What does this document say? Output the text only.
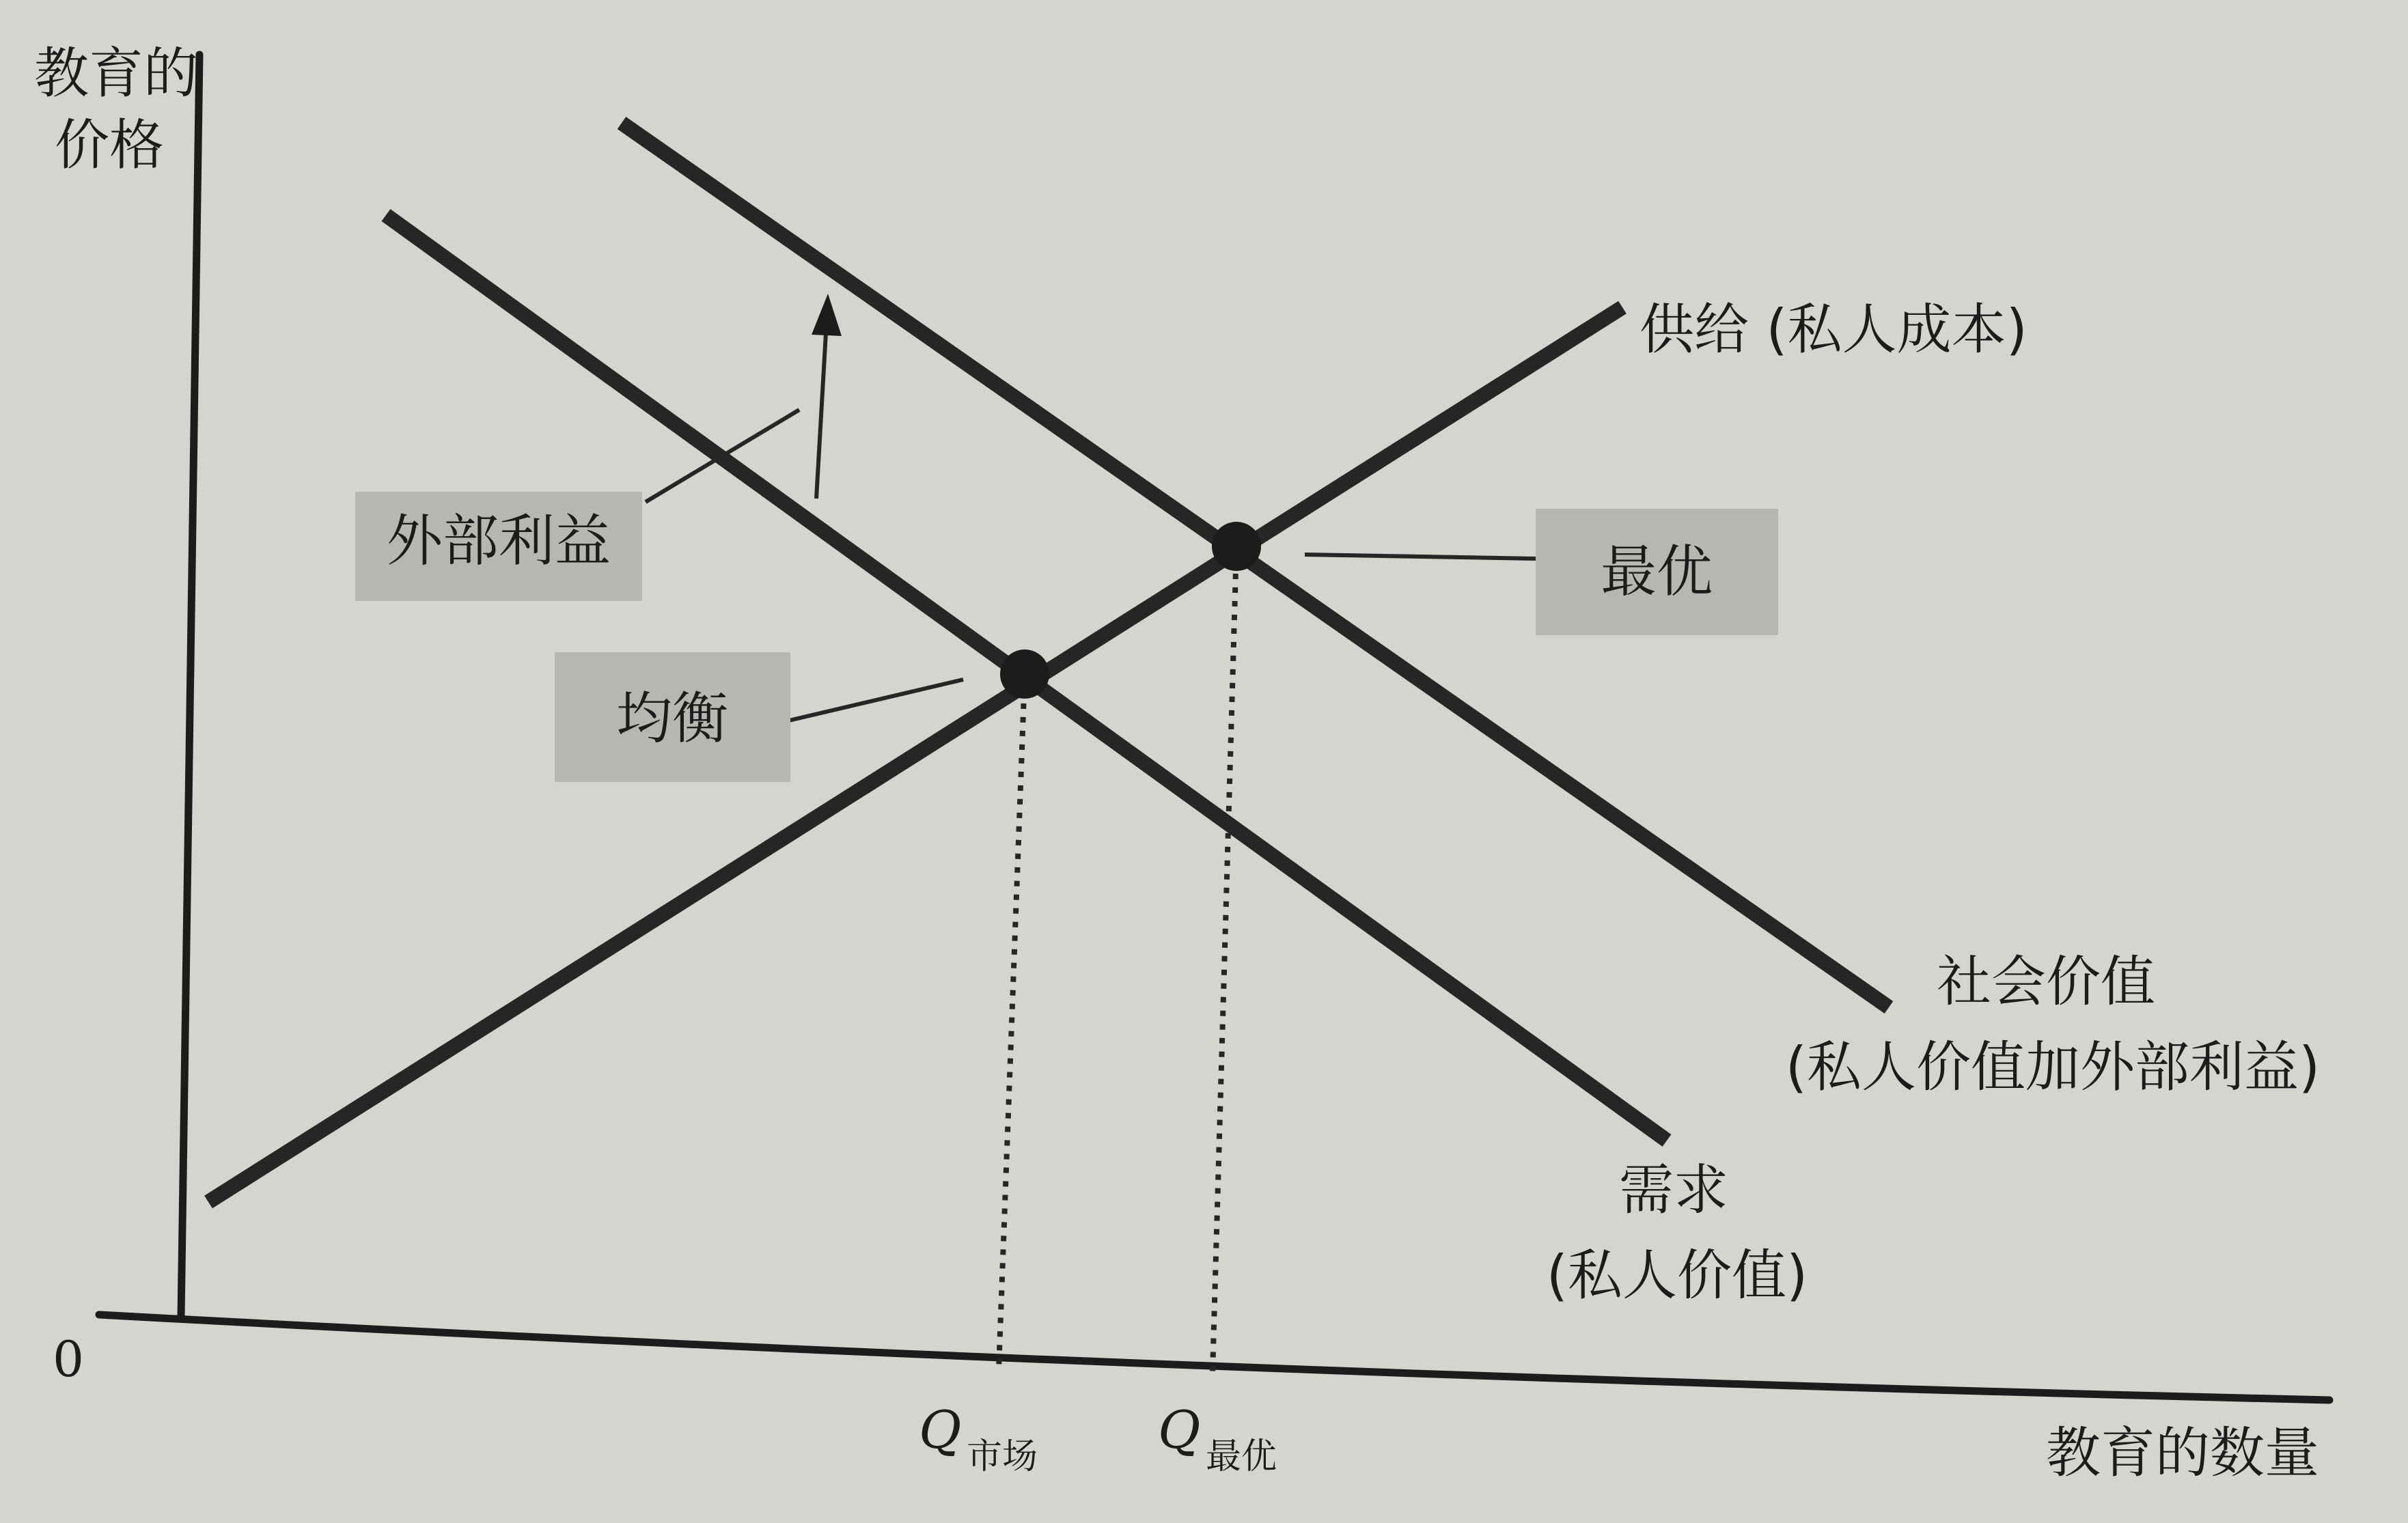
外部利益
均衡
最优
供给 (私人成本)
社会价值
(私人价值加外部利益)
需求
(私人价值)
教育的
价格
教育的数量
0
Q 市场 Q 最优
